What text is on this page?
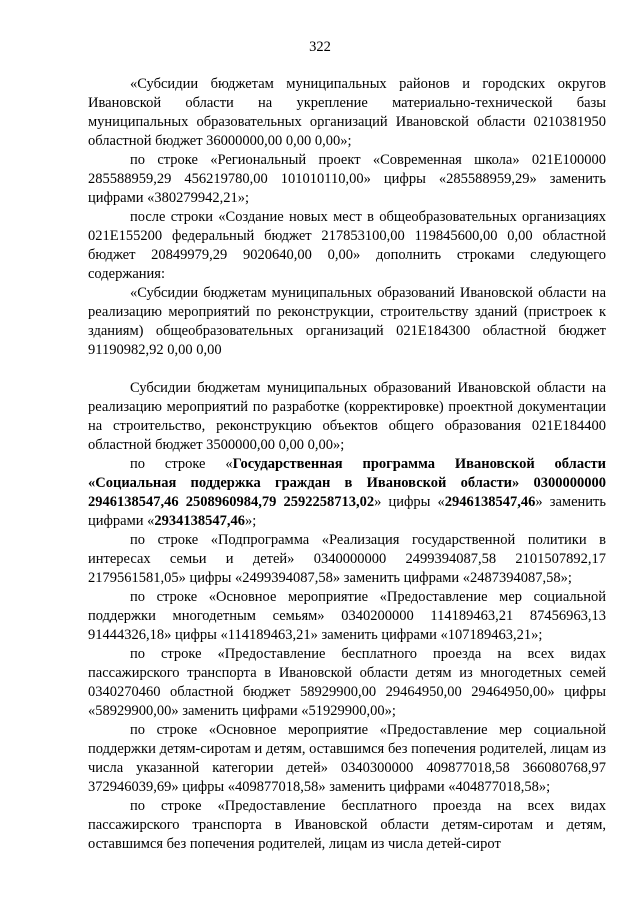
322

«Субсидии бюджетам муниципальных районов и городских округов Ивановской области на укрепление материально-технической базы муниципальных образовательных организаций Ивановской области 0210381950 областной бюджет 36000000,00 0,00 0,00»;

по строке «Региональный проект «Современная школа» 021E100000 285588959,29 456219780,00 101010110,00» цифры «285588959,29» заменить цифрами «380279942,21»;

после строки «Создание новых мест в общеобразовательных организациях 021E155200 федеральный бюджет 217853100,00 119845600,00 0,00 областной бюджет 20849979,29 9020640,00 0,00» дополнить строками следующего содержания:

«Субсидии бюджетам муниципальных образований Ивановской области на реализацию мероприятий по реконструкции, строительству зданий (пристроек к зданиям) общеобразовательных организаций 021E184300 областной бюджет 91190982,92 0,00 0,00

Субсидии бюджетам муниципальных образований Ивановской области на реализацию мероприятий по разработке (корректировке) проектной документации на строительство, реконструкцию объектов общего образования 021E184400 областной бюджет 3500000,00 0,00 0,00»;

по строке «Государственная программа Ивановской области «Социальная поддержка граждан в Ивановской области» 0300000000 2946138547,46 2508960984,79 2592258713,02» цифры «2946138547,46» заменить цифрами «2934138547,46»;

по строке «Подпрограмма «Реализация государственной политики в интересах семьи и детей» 0340000000 2499394087,58 2101507892,17 2179561581,05» цифры «2499394087,58» заменить цифрами «2487394087,58»;

по строке «Основное мероприятие «Предоставление мер социальной поддержки многодетным семьям» 0340200000 114189463,21 87456963,13 91444326,18» цифры «114189463,21» заменить цифрами «107189463,21»;

по строке «Предоставление бесплатного проезда на всех видах пассажирского транспорта в Ивановской области детям из многодетных семей 0340270460 областной бюджет 58929900,00 29464950,00 29464950,00» цифры «58929900,00» заменить цифрами «51929900,00»;

по строке «Основное мероприятие «Предоставление мер социальной поддержки детям-сиротам и детям, оставшимся без попечения родителей, лицам из числа указанной категории детей» 0340300000 409877018,58 366080768,97 372946039,69» цифры «409877018,58» заменить цифрами «404877018,58»;

по строке «Предоставление бесплатного проезда на всех видах пассажирского транспорта в Ивановской области детям-сиротам и детям, оставшимся без попечения родителей, лицам из числа детей-сирот
